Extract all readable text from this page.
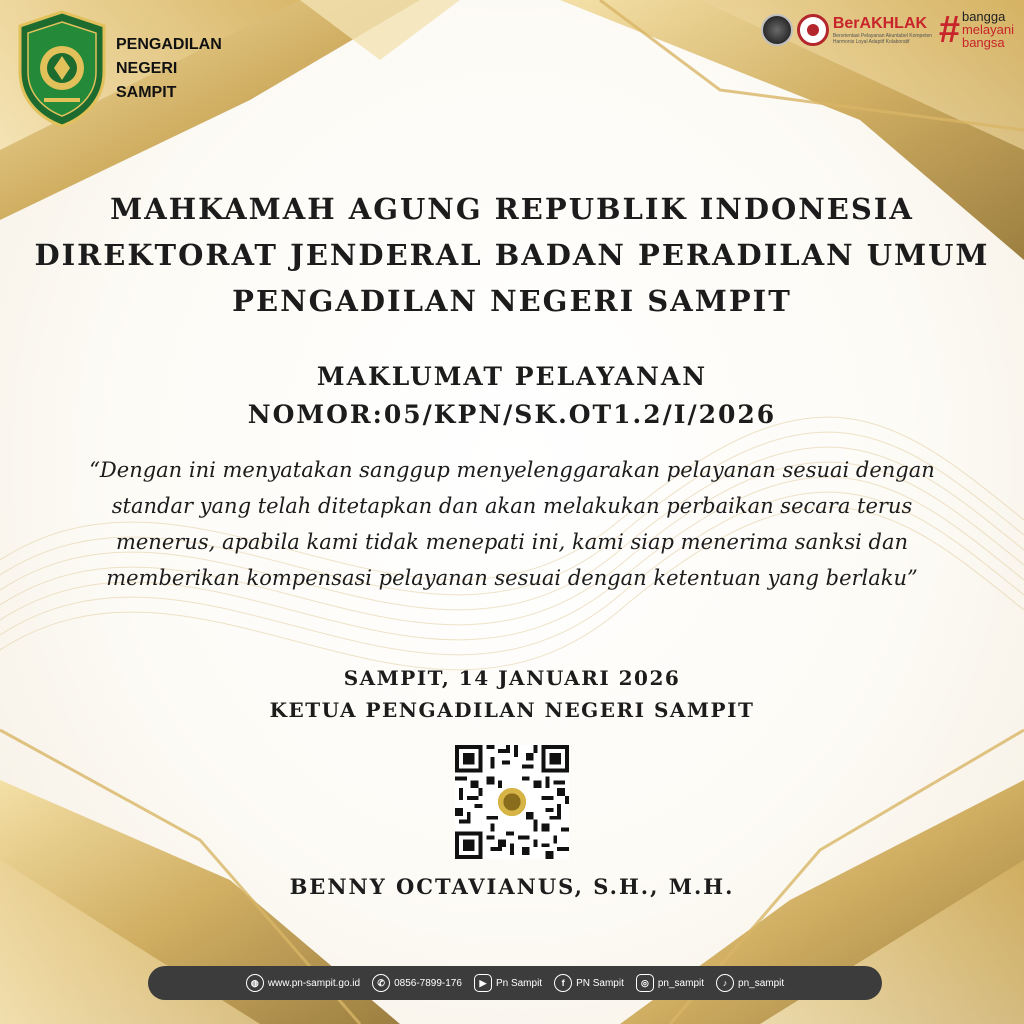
PENGADILAN
NEGERI
SAMPIT
BerAKHLAK
Berorientasi Pelayanan Akuntabel Kompeten Harmonis Loyal Adaptif Kolaboratif # bangga
melayani
bangsa
MAHKAMAH AGUNG REPUBLIK INDONESIA
DIREKTORAT JENDERAL BADAN PERADILAN UMUM
PENGADILAN NEGERI SAMPIT
MAKLUMAT PELAYANAN
NOMOR:05/KPN/SK.OT1.2/I/2026

“Dengan ini menyatakan sanggup menyelenggarakan pelayanan sesuai dengan standar yang telah ditetapkan dan akan melakukan perbaikan secara terus menerus, apabila kami tidak menepati ini, kami siap menerima sanksi dan memberikan kompensasi pelayanan sesuai dengan ketentuan yang berlaku”

SAMPIT, 14 JANUARI 2026
KETUA PENGADILAN NEGERI SAMPIT
BENNY OCTAVIANUS, S.H., M.H.
◍ www.pn-sampit.go.id	✆ 0856-7899-176	▶ Pn Sampit	f	PN Sampit	◎ pn_sampit	♪	pn_sampit
